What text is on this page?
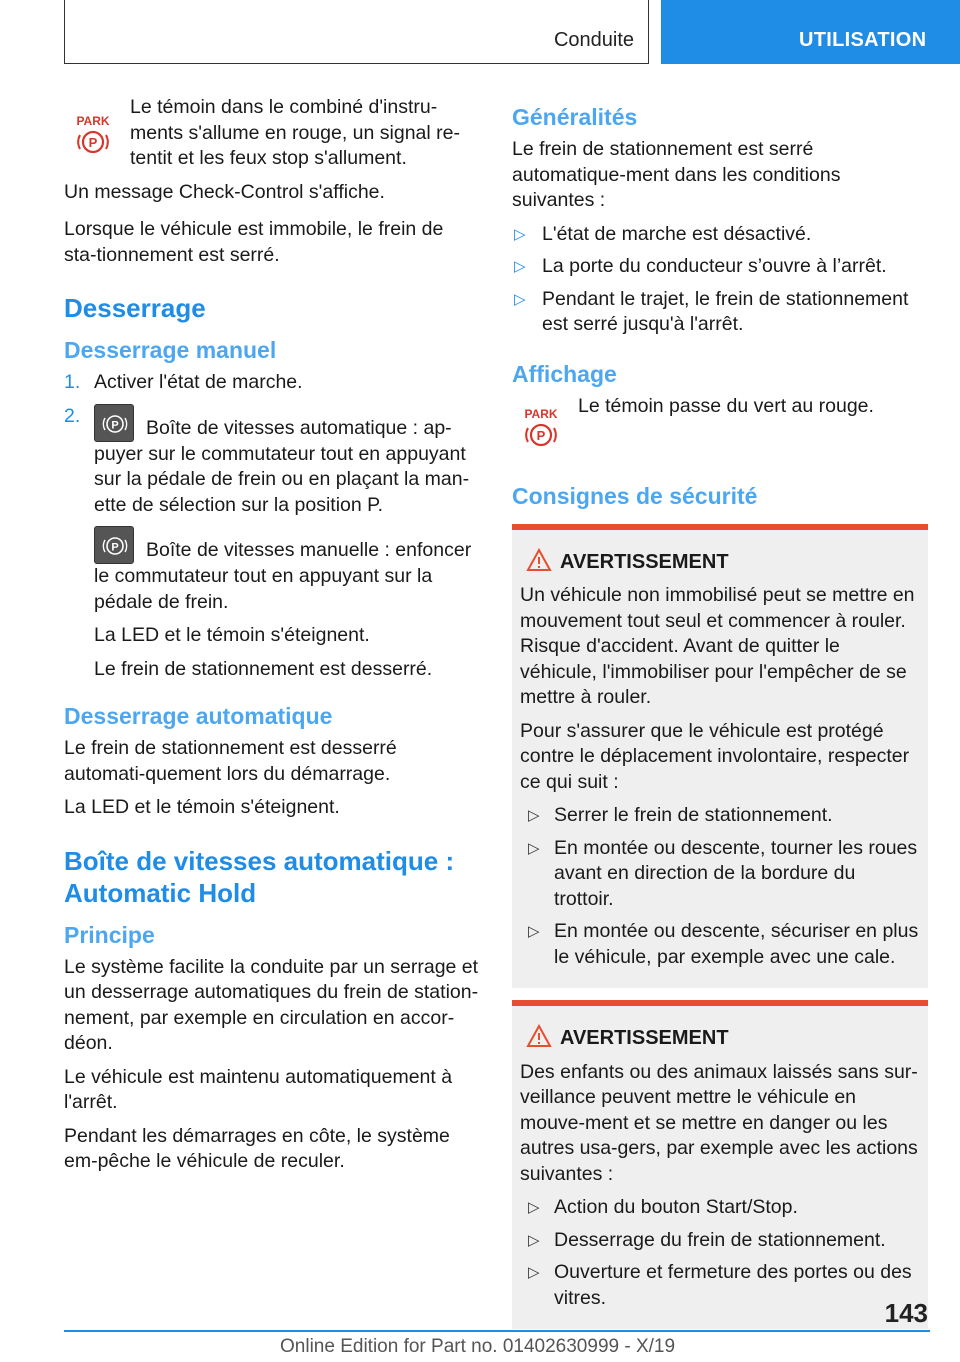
Conduite	UTILISATION
PARK
P

Le témoin dans le combiné d'instru-ments s'allume en rouge, un signal re-tentit et les feux stop s'allument.

Un message Check-Control s'affiche.

Lorsque le véhicule est immobile, le frein de sta-tionnement est serré.

Desserrage
Desserrage manuel
1. Activer l'état de marche.
2.	P Boîte de vitesses automatique : ap-puyer sur le commutateur tout en appuyant sur la pédale de frein ou en plaçant la man-ette de sélection sur la position P.

P Boîte de vitesses manuelle : enfoncer le commutateur tout en appuyant sur la pédale de frein.

La LED et le témoin s'éteignent.

Le frein de stationnement est desserré.

Desserrage automatique

Le frein de stationnement est desserré automati-quement lors du démarrage.

La LED et le témoin s'éteignent.

Boîte de vitesses automatique : Automatic Hold
Principe

Le système facilite la conduite par un serrage et un desserrage automatiques du frein de station-nement, par exemple en circulation en accor-déon.

Le véhicule est maintenu automatiquement à l'arrêt.

Pendant les démarrages en côte, le système em-pêche le véhicule de reculer.

Généralités

Le frein de stationnement est serré automatique-ment dans les conditions suivantes :

▷ L'état de marche est désactivé.
▷ La porte du conducteur s’ouvre à l’arrêt.
▷ Pendant le trajet, le frein de stationnement est serré jusqu'à l'arrêt.
Affichage
PARK
P

Le témoin passe du vert au rouge.

Consignes de sécurité
AVERTISSEMENT

Un véhicule non immobilisé peut se mettre en mouvement tout seul et commencer à rouler. Risque d'accident. Avant de quitter le véhicule, l'immobiliser pour l'empêcher de se mettre à rouler.

Pour s'assurer que le véhicule est protégé contre le déplacement involontaire, respecter ce qui suit :

▷ Serrer le frein de stationnement.
▷ En montée ou descente, tourner les roues avant en direction de la bordure du trottoir.
▷ En montée ou descente, sécuriser en plus le véhicule, par exemple avec une cale.
AVERTISSEMENT

Des enfants ou des animaux laissés sans sur-veillance peuvent mettre le véhicule en mouve-ment et se mettre en danger ou les autres usa-gers, par exemple avec les actions suivantes :

▷ Action du bouton Start/Stop.
▷ Desserrage du frein de stationnement.
▷ Ouverture et fermeture des portes ou des vitres.
143
Online Edition for Part no. 01402630999 - X/19
